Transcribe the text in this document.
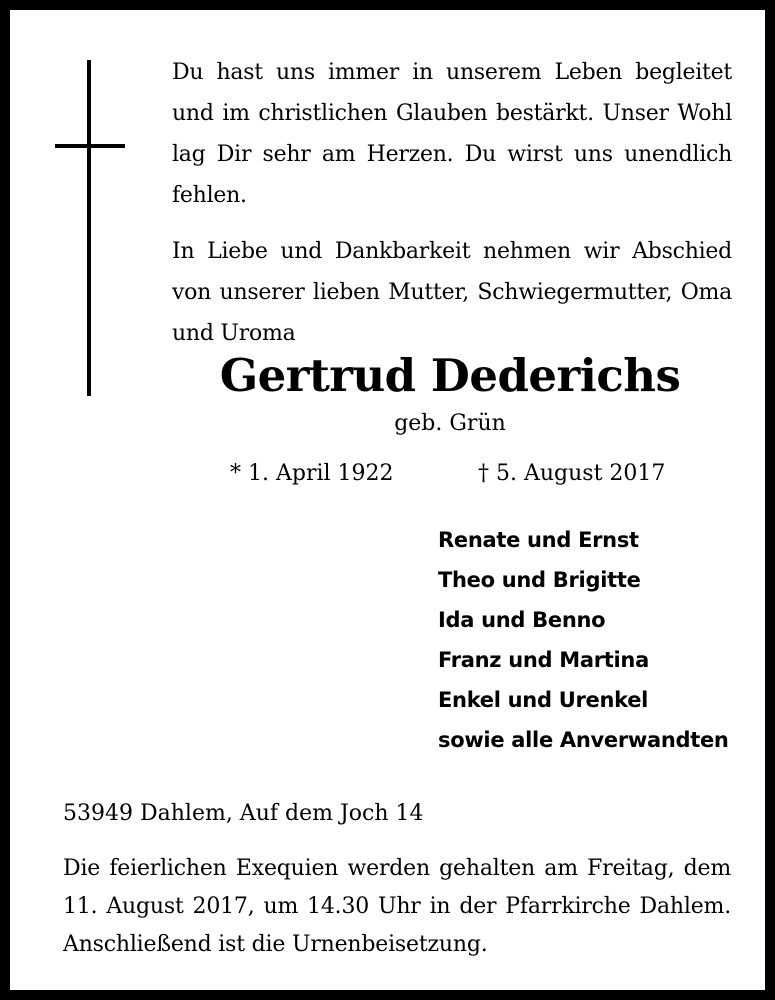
Du hast uns immer in unserem Leben begleitet und im christlichen Glauben bestärkt. Unser Wohl lag Dir sehr am Herzen. Du wirst uns unendlich fehlen.

In Liebe und Dankbarkeit nehmen wir Abschied von unserer lieben Mutter, Schwiegermutter, Oma und Uroma

Gertrud Dederichs
geb. Grün
* 1. April 1922	† 5. August 2017
Renate und Ernst
Theo und Brigitte
Ida und Benno
Franz und Martina
Enkel und Urenkel
sowie alle Anverwandten
53949 Dahlem, Auf dem Joch 14

Die feierlichen Exequien werden gehalten am Freitag, dem
11. August 2017, um 14.30 Uhr in der Pfarrkirche Dahlem.
Anschließend ist die Urnenbeisetzung.
